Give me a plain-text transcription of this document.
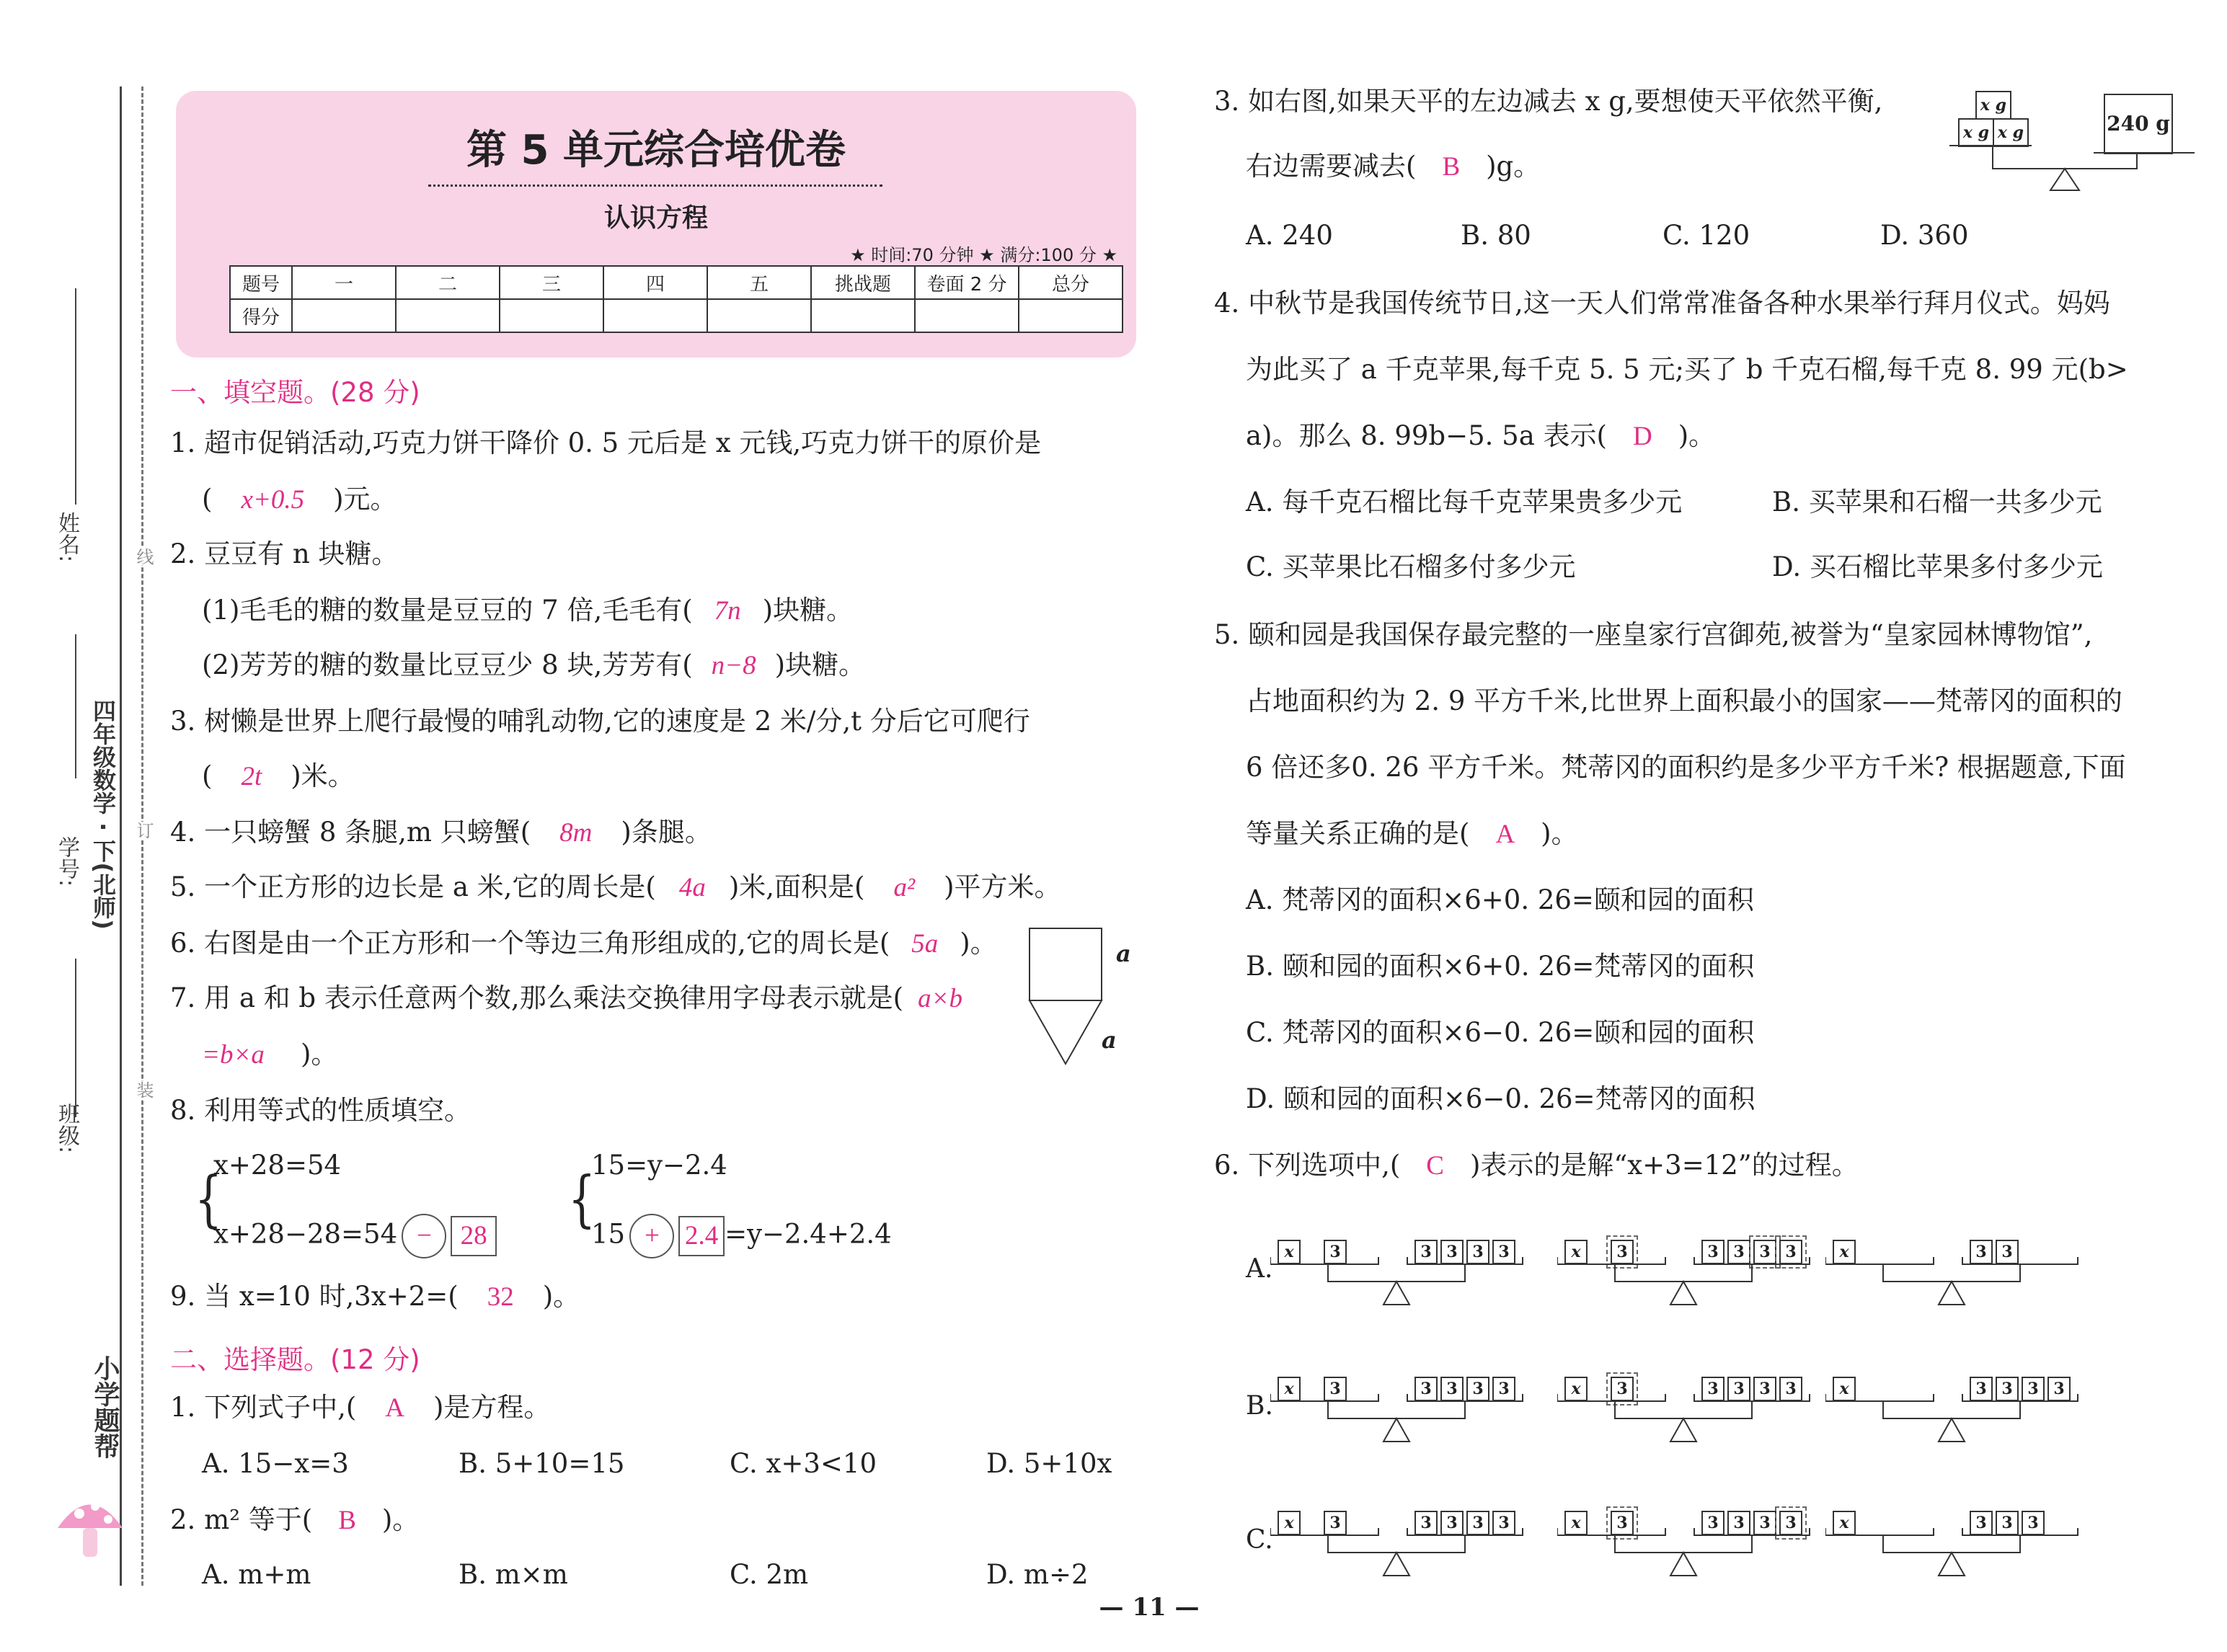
姓名:
学号: 四年级数学 · 下(北师)
班级:
线
订
装
小学题帮
第 5 单元综合培优卷
认识方程
★ 时间:70 分钟 ★ 满分:100 分 ★
题号	一	二	三	四	五	挑战题	卷面 2 分	总分
得分								
一、填空题。(28 分)
1. 超市促销活动,巧克力饼干降价 0. 5 元后是 x 元钱,巧克力饼干的原价是
( x+0.5 )元。
2. 豆豆有 n 块糖。
(1)毛毛的糖的数量是豆豆的 7 倍,毛毛有( 7n )块糖。
(2)芳芳的糖的数量比豆豆少 8 块,芳芳有( n−8 )块糖。
3. 树懒是世界上爬行最慢的哺乳动物,它的速度是 2 米/分,t 分后它可爬行
( 2t )米。
4. 一只螃蟹 8 条腿,m 只螃蟹( 8m )条腿。
5. 一个正方形的边长是 a 米,它的周长是( 4a )米,面积是( a² )平方米。
6. 右图是由一个正方形和一个等边三角形组成的,它的周长是( 5a )。	a
a
7. 用 a 和 b 表示任意两个数,那么乘法交换律用字母表示就是( a×b
=b×a )。
8. 利用等式的性质填空。
{
x+28=54
x+28−28=54 − 28
{
15=y−2.4
15 + 2.4 =y−2.4+2.4
9. 当 x=10 时,3x+2=( 32 )。
二、选择题。(12 分)
1. 下列式子中,( A )是方程。
A. 15−x=3	B. 5+10=15	C. x+3<10	D. 5+10x
2. m² 等于( B )。
A. m+m	B. m×m	C. 2m	D. m÷2
3. 如右图,如果天平的左边减去 x g,要想使天平依然平衡,
右边需要减去( B )g。
x g
x g x g	240 g
A. 240	B. 80	C. 120	D. 360
4. 中秋节是我国传统节日,这一天人们常常准备各种水果举行拜月仪式。妈妈
为此买了 a 千克苹果,每千克 5. 5 元;买了 b 千克石榴,每千克 8. 99 元(b>
a)。那么 8. 99b−5. 5a 表示( D )。
A. 每千克石榴比每千克苹果贵多少元	B. 买苹果和石榴一共多少元
C. 买苹果比石榴多付多少元	D. 买石榴比苹果多付多少元
5. 颐和园是我国保存最完整的一座皇家行宫御苑,被誉为“皇家园林博物馆”,
占地面积约为 2. 9 平方千米,比世界上面积最小的国家——梵蒂冈的面积的
6 倍还多0. 26 平方千米。梵蒂冈的面积约是多少平方千米? 根据题意,下面
等量关系正确的是( A )。
A. 梵蒂冈的面积×6+0. 26=颐和园的面积
B. 颐和园的面积×6+0. 26=梵蒂冈的面积
C. 梵蒂冈的面积×6−0. 26=颐和园的面积
D. 颐和园的面积×6−0. 26=梵蒂冈的面积
6. 下列选项中,( C )表示的是解“x+3=12”的过程。
x	3	3 3 3 3	x	3	3 3 3 3	x	3 3
x	3	3 3 3 3	x	3	3 3 3 3	x	3 3 3 3
x	3	3 3 3 3	x	3	3 3 3 3	x	3 3 3
— 11 —
A.
B.
C.
